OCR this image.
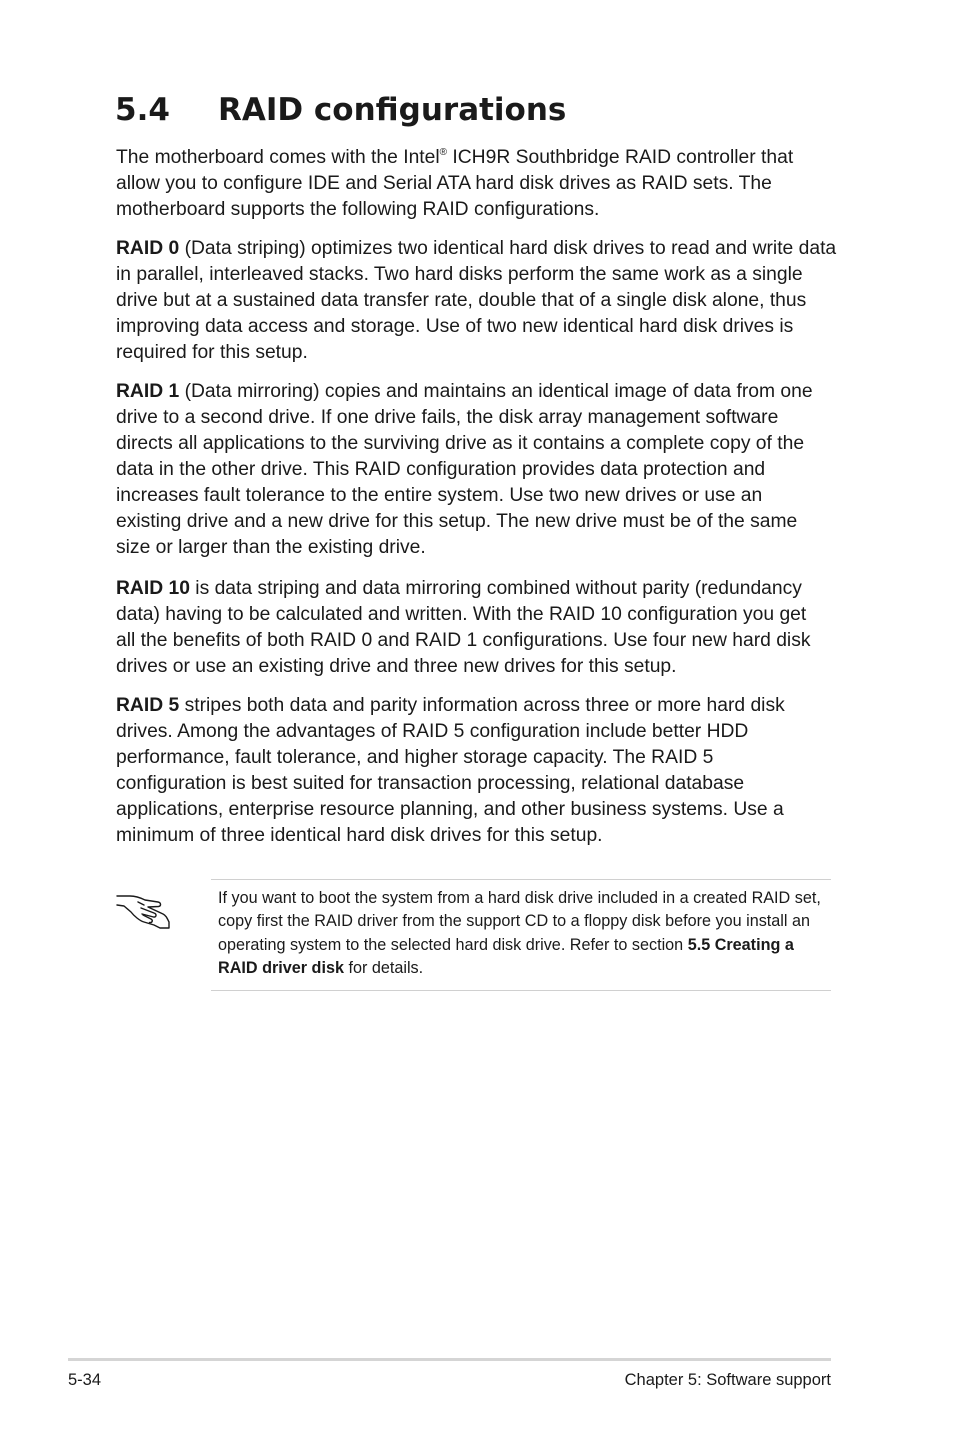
5.4 RAID configurations

The motherboard comes with the Intel® ICH9R Southbridge RAID controller that allow you to configure IDE and Serial ATA hard disk drives as RAID sets. The motherboard supports the following RAID configurations.

RAID 0 (Data striping) optimizes two identical hard disk drives to read and write data in parallel, interleaved stacks. Two hard disks perform the same work as a single drive but at a sustained data transfer rate, double that of a single disk alone, thus improving data access and storage. Use of two new identical hard disk drives is required for this setup.

RAID 1 (Data mirroring) copies and maintains an identical image of data from one drive to a second drive. If one drive fails, the disk array management software directs all applications to the surviving drive as it contains a complete copy of the data in the other drive. This RAID configuration provides data protection and increases fault tolerance to the entire system. Use two new drives or use an existing drive and a new drive for this setup. The new drive must be of the same size or larger than the existing drive.

RAID 10 is data striping and data mirroring combined without parity (redundancy data) having to be calculated and written. With the RAID 10 configuration you get all the benefits of both RAID 0 and RAID 1 configurations. Use four new hard disk drives or use an existing drive and three new drives for this setup.

RAID 5 stripes both data and parity information across three or more hard disk drives. Among the advantages of RAID 5 configuration include better HDD performance, fault tolerance, and higher storage capacity. The RAID 5 configuration is best suited for transaction processing, relational database applications, enterprise resource planning, and other business systems. Use a minimum of three identical hard disk drives for this setup.

If you want to boot the system from a hard disk drive included in a created RAID set, copy first the RAID driver from the support CD to a floppy disk before you install an operating system to the selected hard disk drive. Refer to section 5.5 Creating a RAID driver disk for details.

5-34	Chapter 5: Software support
